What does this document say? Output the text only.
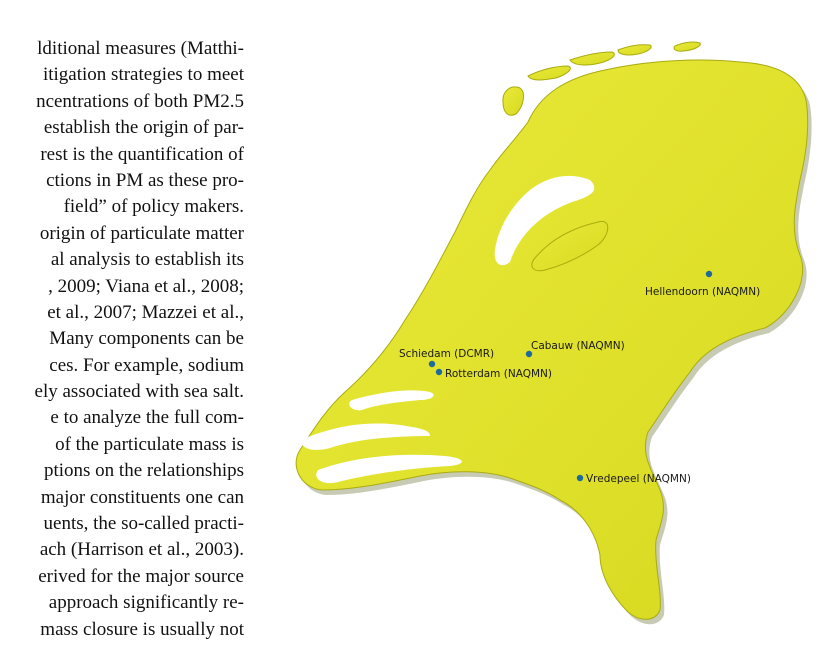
lditional measures (Matthi-
itigation strategies to meet
ncentrations of both PM2.5
establish the origin of par-
rest is the quantification of
ctions in PM as these pro-
field” of policy makers.
origin of particulate matter
al analysis to establish its
, 2009; Viana et al., 2008;
et al., 2007; Mazzei et al.,
Many components can be
ces. For example, sodium
ely associated with sea salt.
e to analyze the full com-
of the particulate mass is
ptions on the relationships
major constituents one can
uents, the so-called practi-
ach (Harrison et al., 2003).
erived for the major source
approach significantly re-
mass closure is usually not
Hellendoorn (NAQMN)
Cabauw (NAQMN)
Schiedam (DCMR)
Rotterdam (NAQMN)
Vredepeel (NAQMN)
